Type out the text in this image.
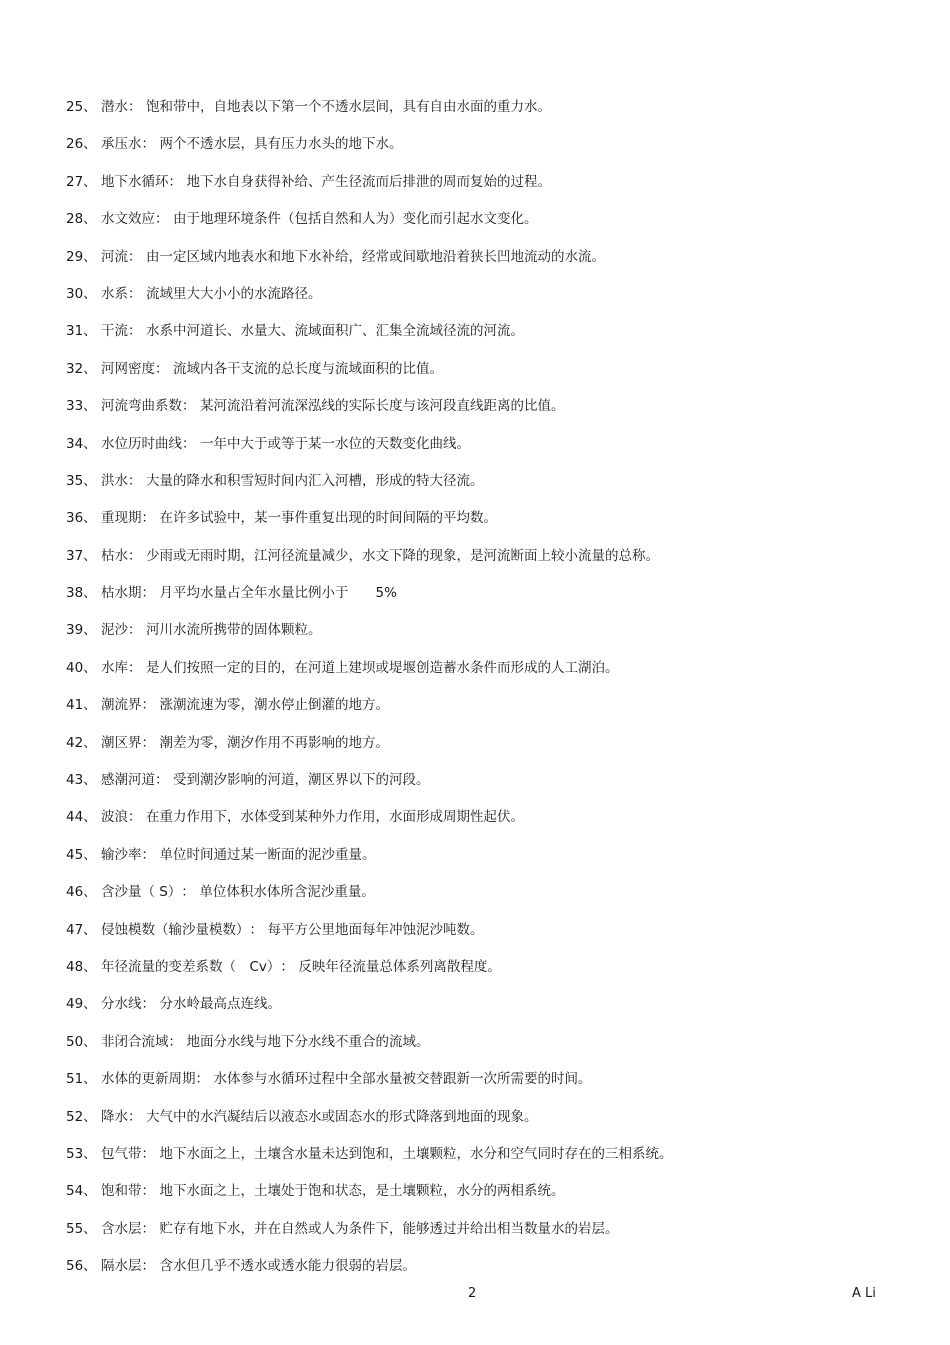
25、 潜水： 饱和带中，自地表以下第一个不透水层间，具有自由水面的重力水。
26、 承压水： 两个不透水层，具有压力水头的地下水。
27、 地下水循环： 地下水自身获得补给、产生径流而后排泄的周而复始的过程。
28、 水文效应： 由于地理环境条件（包括自然和人为）变化而引起水文变化。
29、 河流： 由一定区域内地表水和地下水补给，经常或间歇地沿着狭长凹地流动的水流。
30、 水系： 流域里大大小小的水流路径。
31、 干流： 水系中河道长、水量大、流域面积广、汇集全流域径流的河流。
32、 河网密度： 流域内各干支流的总长度与流域面积的比值。
33、 河流弯曲系数： 某河流沿着河流深泓线的实际长度与该河段直线距离的比值。
34、 水位历时曲线： 一年中大于或等于某一水位的天数变化曲线。
35、 洪水： 大量的降水和积雪短时间内汇入河槽，形成的特大径流。
36、 重现期： 在许多试验中，某一事件重复出现的时间间隔的平均数。
37、 枯水： 少雨或无雨时期，江河径流量减少，水文下降的现象，是河流断面上较小流量的总称。
38、 枯水期： 月平均水量占全年水量比例小于　　5%
39、 泥沙： 河川水流所携带的固体颗粒。
40、 水库： 是人们按照一定的目的，在河道上建坝或堤堰创造蓄水条件而形成的人工湖泊。
41、 潮流界： 涨潮流速为零，潮水停止倒灌的地方。
42、 潮区界： 潮差为零，潮汐作用不再影响的地方。
43、 感潮河道： 受到潮汐影响的河道，潮区界以下的河段。
44、 波浪： 在重力作用下，水体受到某种外力作用，水面形成周期性起伏。
45、 输沙率： 单位时间通过某一断面的泥沙重量。
46、 含沙量（ S）： 单位体积水体所含泥沙重量。
47、 侵蚀模数（输沙量模数）： 每平方公里地面每年冲蚀泥沙吨数。
48、 年径流量的变差系数（　Cv）： 反映年径流量总体系列离散程度。
49、 分水线： 分水岭最高点连线。
50、 非闭合流域： 地面分水线与地下分水线不重合的流域。
51、 水体的更新周期： 水体参与水循环过程中全部水量被交替跟新一次所需要的时间。
52、 降水： 大气中的水汽凝结后以液态水或固态水的形式降落到地面的现象。
53、 包气带： 地下水面之上，土壤含水量未达到饱和，土壤颗粒，水分和空气同时存在的三相系统。
54、 饱和带： 地下水面之上，土壤处于饱和状态，是土壤颗粒，水分的两相系统。
55、 含水层： 贮存有地下水，并在自然或人为条件下，能够透过并给出相当数量水的岩层。
56、 隔水层： 含水但几乎不透水或透水能力很弱的岩层。
2	A Li
